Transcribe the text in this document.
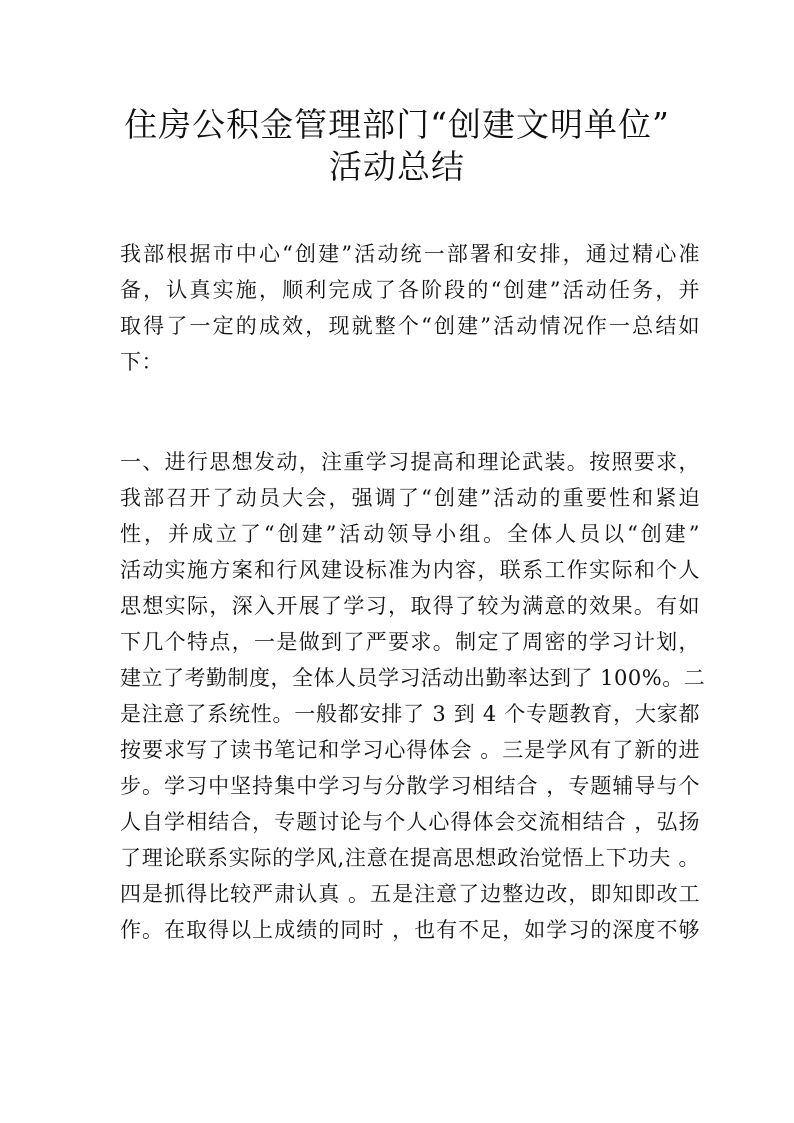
住房公积金管理部门“创建文明单位”
活动总结
我部根据市中心“创建”活动统一部署和安排，通过精心准
备，认真实施，顺利完成了各阶段的“创建”活动任务，并
取得了一定的成效，现就整个“创建”活动情况作一总结如
下：
一、进行思想发动，注重学习提高和理论武装。按照要求，
我部召开了动员大会，强调了“创建”活动的重要性和紧迫
性，并成立了“创建”活动领导小组。全体人员以“创建”
活动实施方案和行风建设标准为内容，联系工作实际和个人
思想实际，深入开展了学习，取得了较为满意的效果。有如
下几个特点，一是做到了严要求。制定了周密的学习计划，
建立了考勤制度，全体人员学习活动出勤率达到了 100%。二
是注意了系统性。一般都安排了 3 到 4 个专题教育，大家都
按要求写了读书笔记和学习心得体会 。三是学风有了新的进
步。学习中坚持集中学习与分散学习相结合 ，专题辅导与个
人自学相结合，专题讨论与个人心得体会交流相结合 ，弘扬
了理论联系实际的学风,注意在提高思想政治觉悟上下功夫 。
四是抓得比较严肃认真 。五是注意了边整边改，即知即改工
作。在取得以上成绩的同时 ，也有不足，如学习的深度不够
